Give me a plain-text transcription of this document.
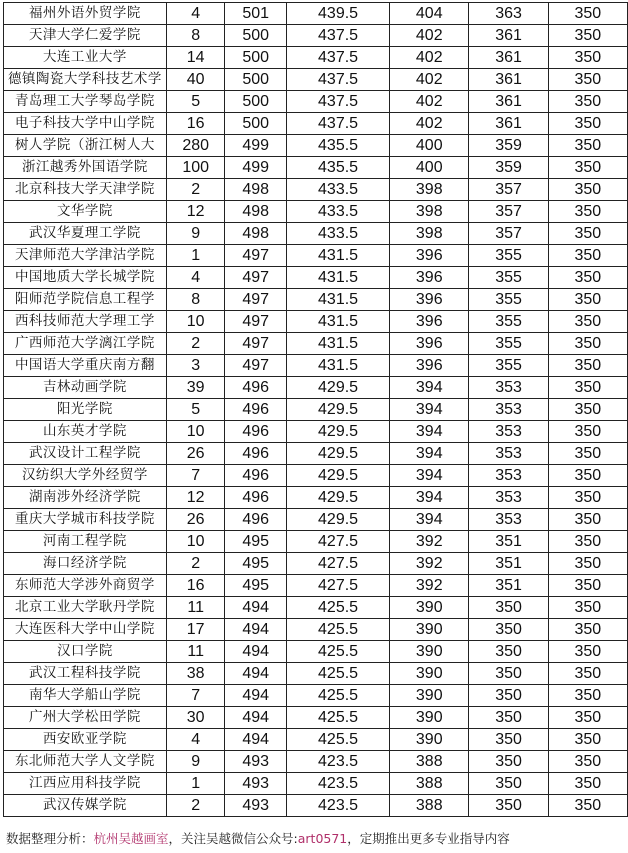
福州外语外贸学院	4	501	439.5	404	363	350
天津大学仁爱学院	8	500	437.5	402	361	350
大连工业大学	14	500	437.5	402	361	350
德镇陶瓷大学科技艺术学	40	500	437.5	402	361	350
青岛理工大学琴岛学院	5	500	437.5	402	361	350
电子科技大学中山学院	16	500	437.5	402	361	350
树人学院（浙江树人大	280	499	435.5	400	359	350
浙江越秀外国语学院	100	499	435.5	400	359	350
北京科技大学天津学院	2	498	433.5	398	357	350
文华学院	12	498	433.5	398	357	350
武汉华夏理工学院	9	498	433.5	398	357	350
天津师范大学津沽学院	1	497	431.5	396	355	350
中国地质大学长城学院	4	497	431.5	396	355	350
阳师范学院信息工程学	8	497	431.5	396	355	350
西科技师范大学理工学	10	497	431.5	396	355	350
广西师范大学漓江学院	2	497	431.5	396	355	350
中国语大学重庆南方翻	3	497	431.5	396	355	350
吉林动画学院	39	496	429.5	394	353	350
阳光学院	5	496	429.5	394	353	350
山东英才学院	10	496	429.5	394	353	350
武汉设计工程学院	26	496	429.5	394	353	350
汉纺织大学外经贸学	7	496	429.5	394	353	350
湖南涉外经济学院	12	496	429.5	394	353	350
重庆大学城市科技学院	26	496	429.5	394	353	350
河南工程学院	10	495	427.5	392	351	350
海口经济学院	2	495	427.5	392	351	350
东师范大学涉外商贸学	16	495	427.5	392	351	350
北京工业大学耿丹学院	11	494	425.5	390	350	350
大连医科大学中山学院	17	494	425.5	390	350	350
汉口学院	11	494	425.5	390	350	350
武汉工程科技学院	38	494	425.5	390	350	350
南华大学船山学院	7	494	425.5	390	350	350
广州大学松田学院	30	494	425.5	390	350	350
西安欧亚学院	4	494	425.5	390	350	350
东北师范大学人文学院	9	493	423.5	388	350	350
江西应用科技学院	1	493	423.5	388	350	350
武汉传媒学院	2	493	423.5	388	350	350
数据整理分析：杭州吴越画室，关注吴越微信公众号:art0571，定期推出更多专业指导内容
